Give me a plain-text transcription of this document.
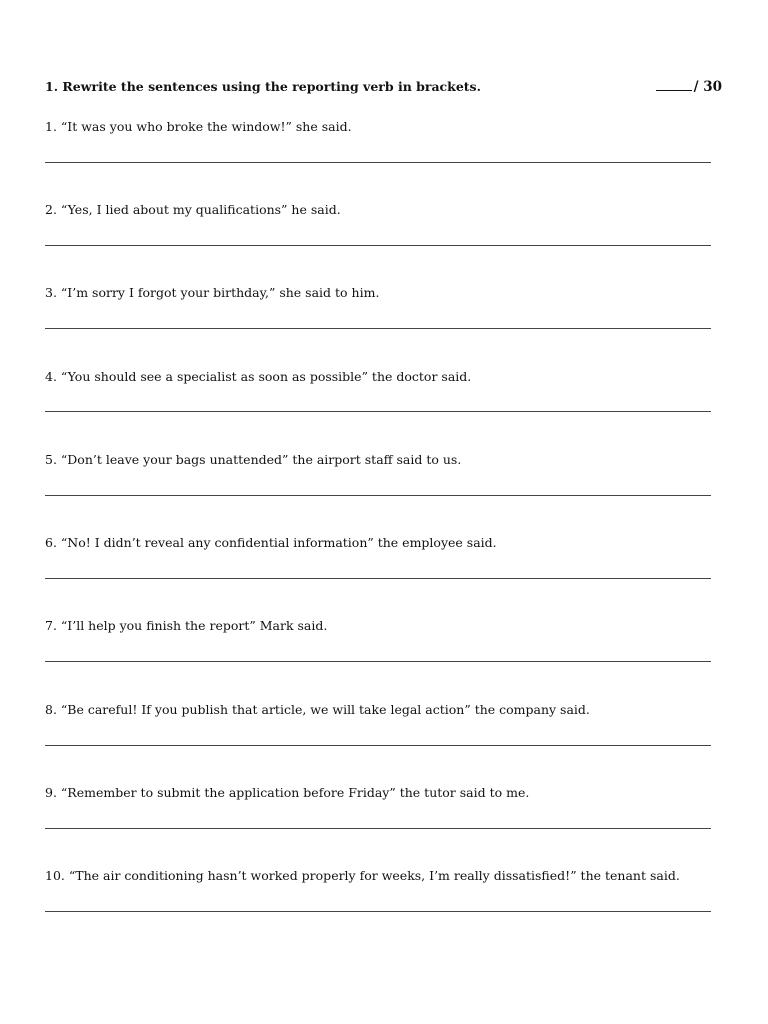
1. Rewrite the sentences using the reporting verb in brackets.	/ 30
1. “It was you who broke the window!” she said.
2. “Yes, I lied about my qualifications” he said.
3. “I’m sorry I forgot your birthday,” she said to him.
4. “You should see a specialist as soon as possible” the doctor said.
5. “Don’t leave your bags unattended” the airport staff said to us.
6. “No! I didn’t reveal any confidential information” the employee said.
7. “I’ll help you finish the report” Mark said.
8. “Be careful! If you publish that article, we will take legal action” the company said.
9. “Remember to submit the application before Friday” the tutor said to me.
10. “The air conditioning hasn’t worked properly for weeks, I’m really dissatisfied!” the tenant said.
